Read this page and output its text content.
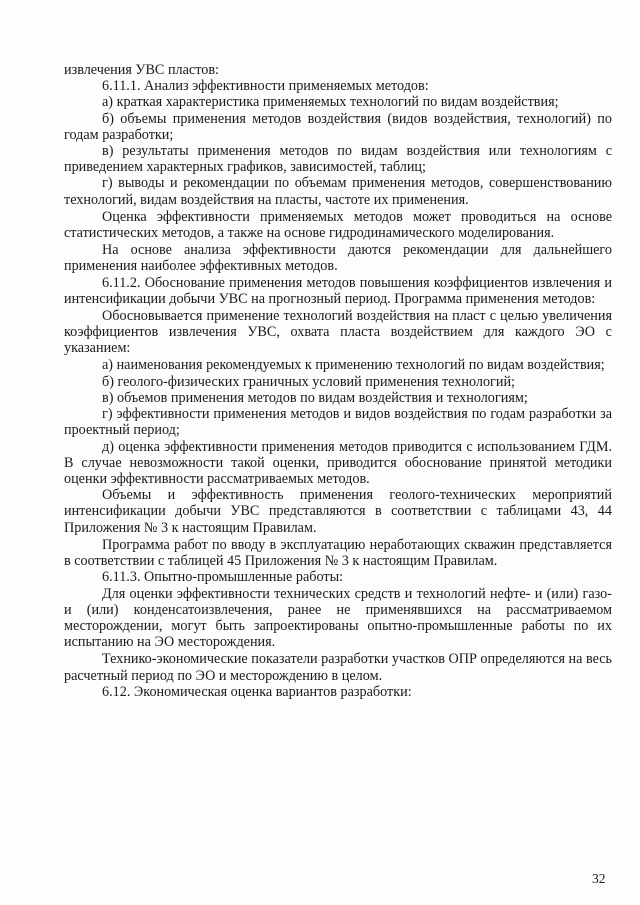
извлечения УВС пластов:

6.11.1. Анализ эффективности применяемых методов:

а) краткая характеристика применяемых технологий по видам воздействия;

б) объемы применения методов воздействия (видов воздействия, технологий) по годам разработки;

в) результаты применения методов по видам воздействия или технологиям с приведением характерных графиков, зависимостей, таблиц;

г) выводы и рекомендации по объемам применения методов, совершенствованию технологий, видам воздействия на пласты, частоте их применения.

Оценка эффективности применяемых методов может проводиться на основе статистических методов, а также на основе гидродинамического моделирования.

На основе анализа эффективности даются рекомендации для дальнейшего применения наиболее эффективных методов.

6.11.2. Обоснование применения методов повышения коэффициентов извлечения и интенсификации добычи УВС на прогнозный период. Программа применения методов:

Обосновывается применение технологий воздействия на пласт с целью увеличения коэффициентов извлечения УВС, охвата пласта воздействием для каждого ЭО с указанием:

а) наименования рекомендуемых к применению технологий по видам воздействия;

б) геолого-физических граничных условий применения технологий;

в) объемов применения методов по видам воздействия и технологиям;

г) эффективности применения методов и видов воздействия по годам разработки за проектный период;

д) оценка эффективности применения методов приводится с использованием ГДМ. В случае невозможности такой оценки, приводится обоснование принятой методики оценки эффективности рассматриваемых методов.

Объемы и эффективность применения геолого-технических мероприятий интенсификации добычи УВС представляются в соответствии с таблицами 43, 44 Приложения № 3 к настоящим Правилам.

Программа работ по вводу в эксплуатацию неработающих скважин представляется в соответствии с таблицей 45 Приложения № 3 к настоящим Правилам.

6.11.3. Опытно-промышленные работы:

Для оценки эффективности технических средств и технологий нефте- и (или) газо- и (или) конденсатоизвлечения, ранее не применявшихся на рассматриваемом месторождении, могут быть запроектированы опытно-промышленные работы по их испытанию на ЭО месторождения.

Технико-экономические показатели разработки участков ОПР определяются на весь расчетный период по ЭО и месторождению в целом.

6.12. Экономическая оценка вариантов разработки:

32
